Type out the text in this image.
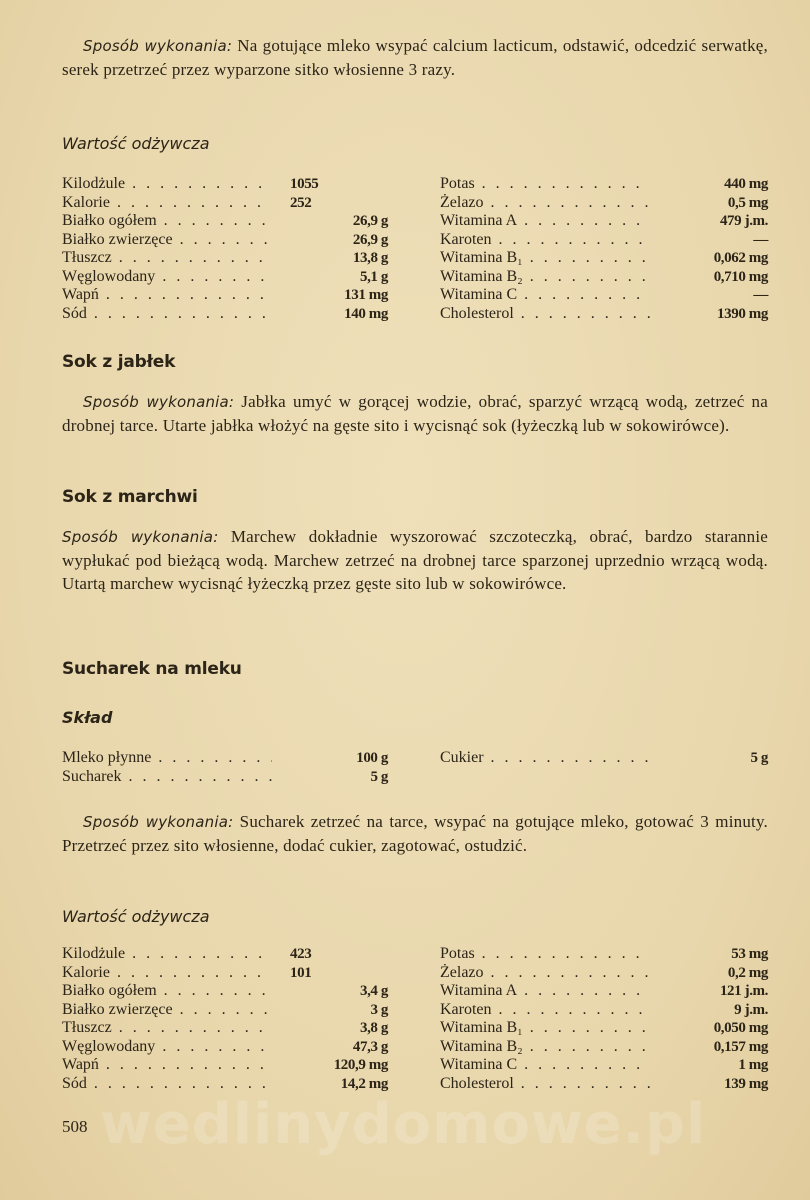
Sposób wykonania: Na gotujące mleko wsypać calcium lacticum, odstawić, odcedzić serwatkę, serek przetrzeć przez wyparzone sitko włosienne 3 razy.

Wartość odżywcza
Kilodżule . . .	1055	Potas . . .	440 mg
Kalorie . . .	252	Żelazo . . .	0,5 mg
Białko ogółem . . .	26,9 g	Witamina A . . .	479 j.m.
Białko zwierzęce . . .	26,9 g	Karoten . . .	—
Tłuszcz . . .	13,8 g	Witamina B₁ . . .	0,062 mg
Węglowodany . . .	5,1 g	Witamina B₂ . . .	0,710 mg
Wapń . . .	131 mg	Witamina C . . .	—
Sód . . .	140 mg	Cholesterol . . .	1390 mg
Sok z jabłek

Sposób wykonania: Jabłka umyć w gorącej wodzie, obrać, sparzyć wrzącą wodą, zetrzeć na drobnej tarce. Utarte jabłka włożyć na gęste sito i wycisnąć sok (łyżeczką lub w sokowirówce).

Sok z marchwi

Sposób wykonania: Marchew dokładnie wyszorować szczoteczką, obrać, bardzo starannie wypłukać pod bieżącą wodą. Marchew zetrzeć na drobnej tarce sparzonej uprzednio wrzącą wodą. Utartą marchew wycisnąć łyżeczką przez gęste sito lub w sokowirówce.

Sucharek na mleku
Skład
Mleko płynne . . .	100 g	Cukier . . .	5 g
Sucharek . . .	5 g

Sposób wykonania: Sucharek zetrzeć na tarce, wsypać na gotujące mleko, gotować 3 minuty. Przetrzeć przez sito włosienne, dodać cukier, zagotować, ostudzić.

Wartość odżywcza
Kilodżule . . .	423	Potas . . .	53 mg
Kalorie . . .	101	Żelazo . . .	0,2 mg
Białko ogółem . . .	3,4 g	Witamina A . . .	121 j.m.
Białko zwierzęce . . .	3 g	Karoten . . .	9 j.m.
Tłuszcz . . .	3,8 g	Witamina B₁ . . .	0,050 mg
Węglowodany . . .	47,3 g	Witamina B₂ . . .	0,157 mg
Wapń . . .	120,9 mg	Witamina C . . .	1 mg
Sód . . .	14,2 mg	Cholesterol . . .	139 mg
508 wedlinydomowe.pl
